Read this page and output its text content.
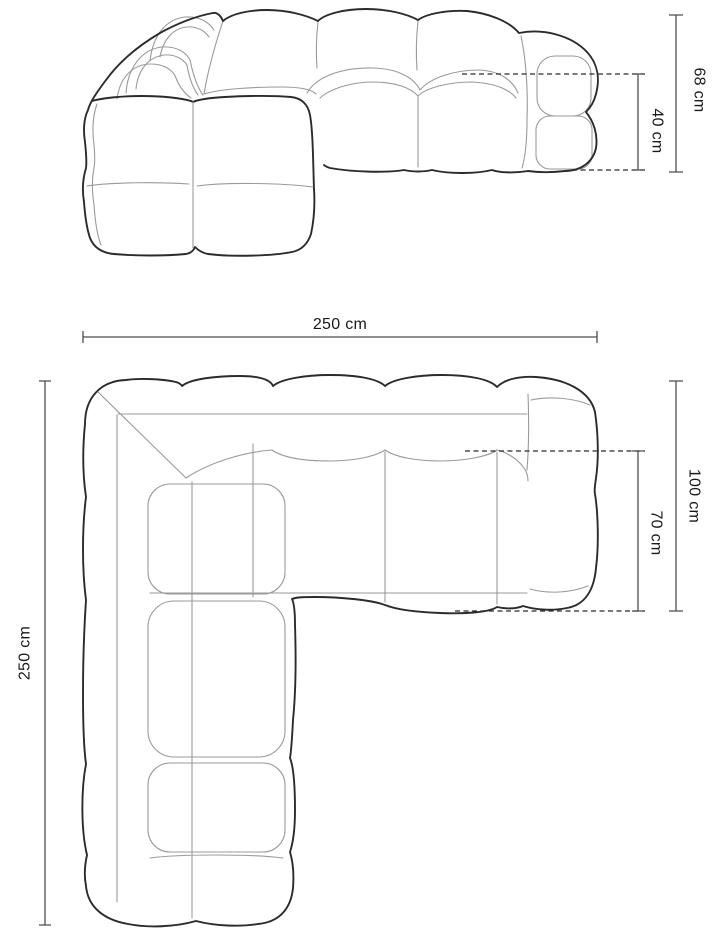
40 cm
68 cm
250 cm
250 cm
100 cm
70 cm
